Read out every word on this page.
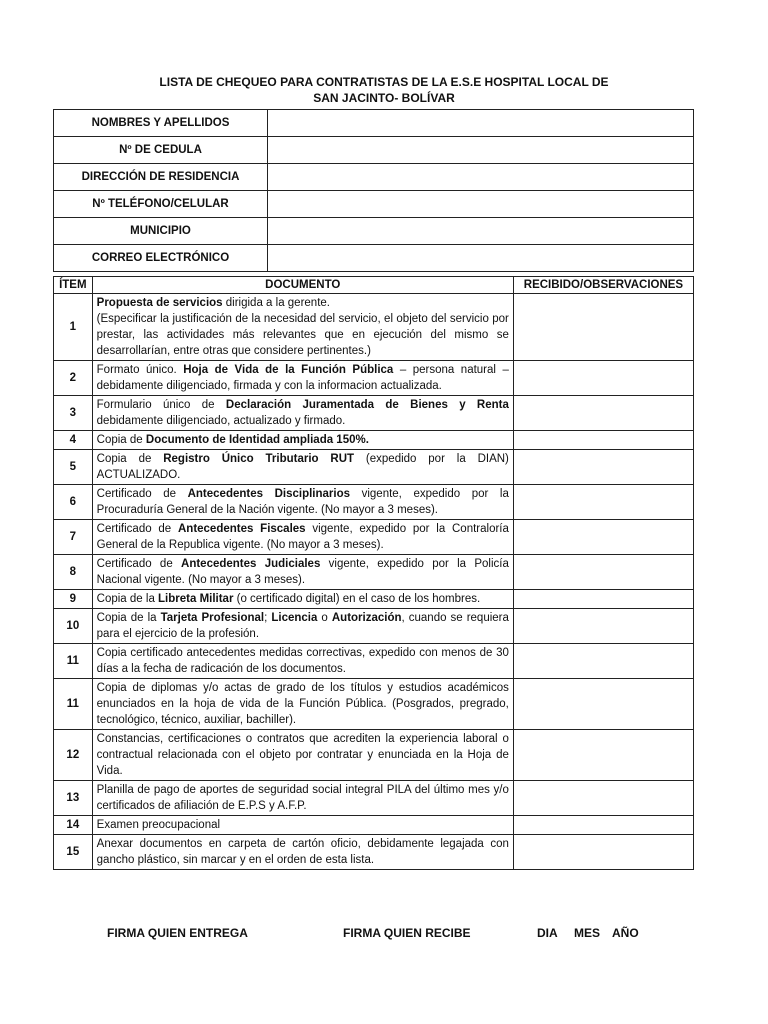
LISTA DE CHEQUEO PARA CONTRATISTAS DE LA E.S.E HOSPITAL LOCAL DE
SAN JACINTO- BOLÍVAR
NOMBRES Y APELLIDOS	
Nº DE CEDULA	
DIRECCIÓN DE RESIDENCIA	
Nº TELÉFONO/CELULAR	
MUNICIPIO	
CORREO ELECTRÓNICO	
ÍTEM	DOCUMENTO	RECIBIDO/OBSERVACIONES
1	Propuesta de servicios dirigida a la gerente.
(Especificar la justificación de la necesidad del servicio, el objeto del servicio por prestar, las actividades más relevantes que en ejecución del mismo se desarrollarían, entre otras que considere pertinentes.)	
2	Formato único. Hoja de Vida de la Función Pública – persona natural – debidamente diligenciado, firmada y con la informacion actualizada.	
3	Formulario único de Declaración Juramentada de Bienes y Renta debidamente diligenciado, actualizado y firmado.	
4	Copia de Documento de Identidad ampliada 150%.	
5	Copia de Registro Único Tributario RUT (expedido por la DIAN) ACTUALIZADO.	
6	Certificado de Antecedentes Disciplinarios vigente, expedido por la Procuraduría General de la Nación vigente. (No mayor a 3 meses).	
7	Certificado de Antecedentes Fiscales vigente, expedido por la Contraloría General de la Republica vigente. (No mayor a 3 meses).	
8	Certificado de Antecedentes Judiciales vigente, expedido por la Policía Nacional vigente. (No mayor a 3 meses).	
9	Copia de la Libreta Militar (o certificado digital) en el caso de los hombres.	
10	Copia de la Tarjeta Profesional; Licencia o Autorización, cuando se requiera para el ejercicio de la profesión.	
11	Copia certificado antecedentes medidas correctivas, expedido con menos de 30 días a la fecha de radicación de los documentos.	
11	Copia de diplomas y/o actas de grado de los títulos y estudios académicos enunciados en la hoja de vida de la Función Pública. (Posgrados, pregrado, tecnológico, técnico, auxiliar, bachiller).	
12	Constancias, certificaciones o contratos que acrediten la experiencia laboral o contractual relacionada con el objeto por contratar y enunciada en la Hoja de Vida.	
13	Planilla de pago de aportes de seguridad social integral PILA del último mes y/o certificados de afiliación de E.P.S y A.F.P.	
14	Examen preocupacional	
15	Anexar documentos en carpeta de cartón oficio, debidamente legajada con gancho plástico, sin marcar y en el orden de esta lista.	
FIRMA QUIEN ENTREGA	FIRMA QUIEN RECIBE	DIA MES AÑO
